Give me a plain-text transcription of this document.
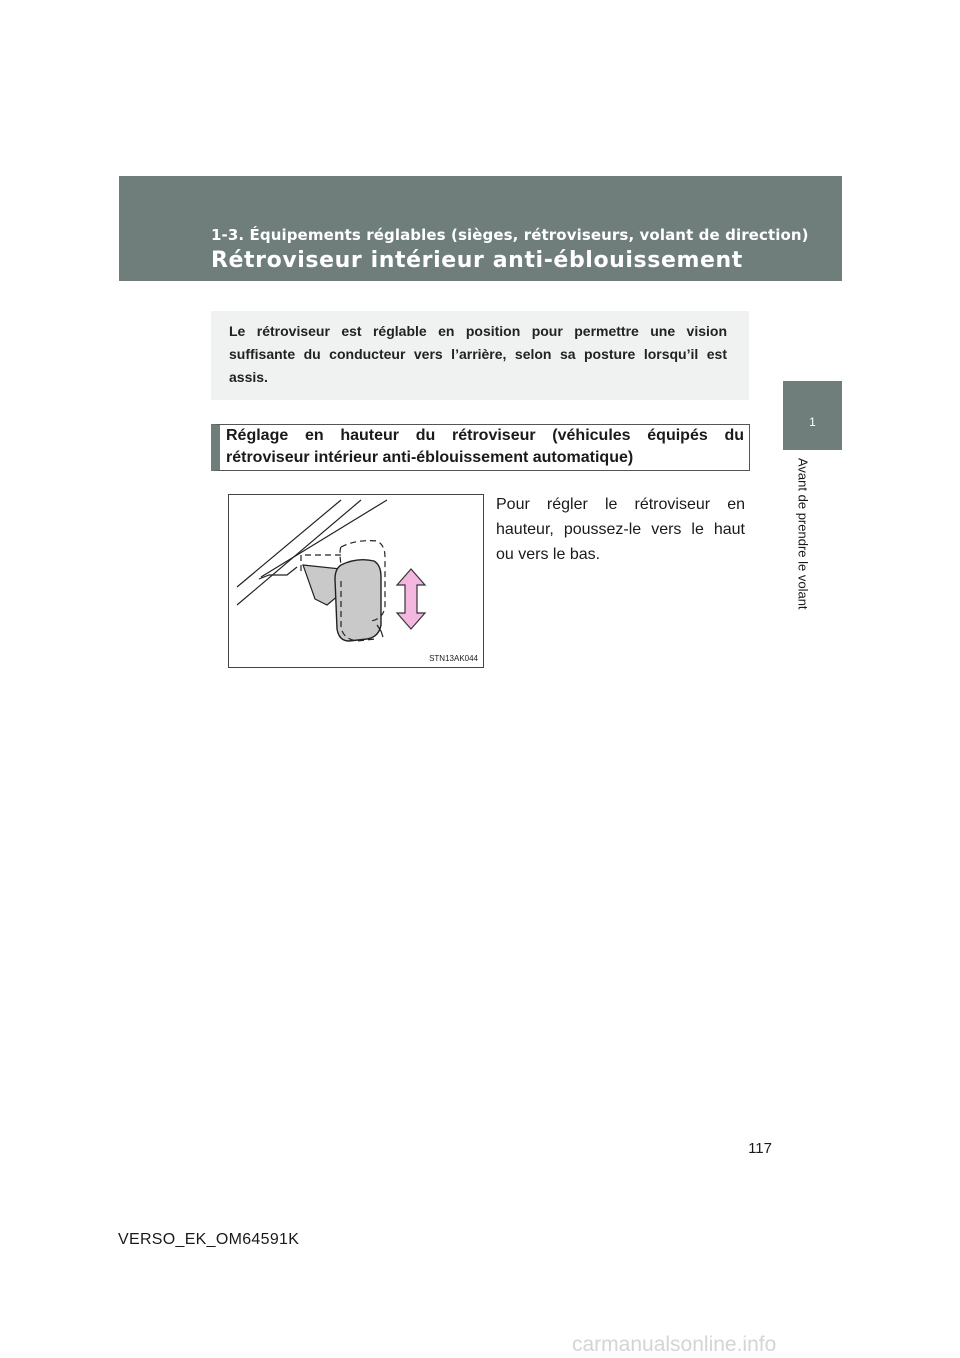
1-3. Équipements réglables (sièges, rétroviseurs, volant de direction)
Rétroviseur intérieur anti-éblouissement
1
Avant de prendre le volant

Le rétroviseur est réglable en position pour permettre une vision suffisante du conducteur vers l’arrière, selon sa posture lorsqu’il est assis.

Réglage en hauteur du rétroviseur (véhicules équipés du rétroviseur intérieur anti-éblouissement automatique)

STN13AK044

Pour régler le rétroviseur en hauteur, poussez-le vers le haut ou vers le bas.

117
VERSO_EK_OM64591K
carmanualsonline.info
